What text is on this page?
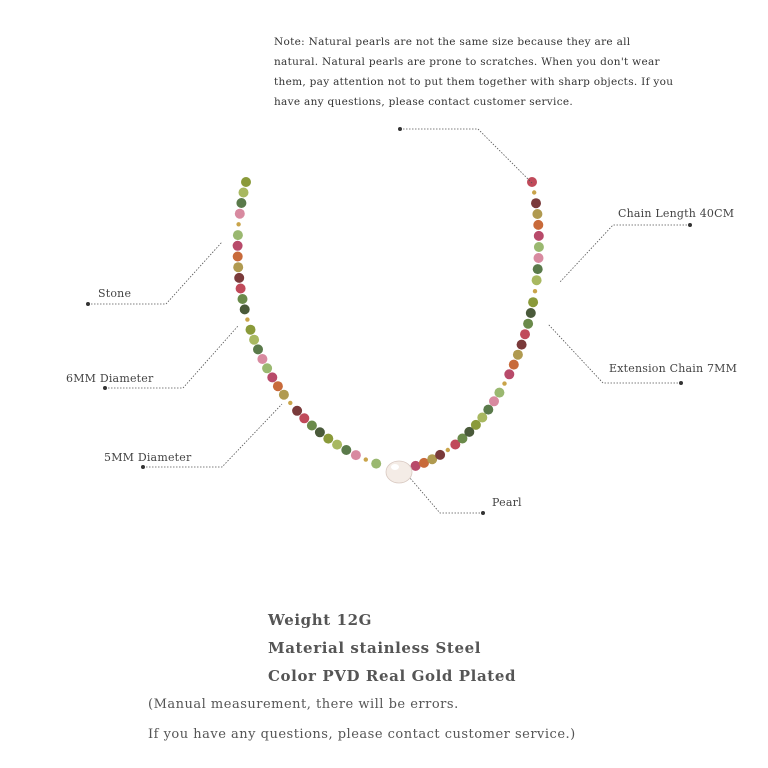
Note: Natural pearls are not the same size because they are all natural. Natural pearls are prone to scratches. When you don't wear them, pay attention not to put them together with sharp objects. If you have any questions, please contact customer service.
Stone
6MM Diameter
5MM Diameter
Chain Length 40CM
Extension Chain 7MM
Pearl
Weight 12G
Material stainless Steel
Color PVD Real Gold Plated
(Manual measurement, there will be errors.
If you have any questions, please contact customer service.)
